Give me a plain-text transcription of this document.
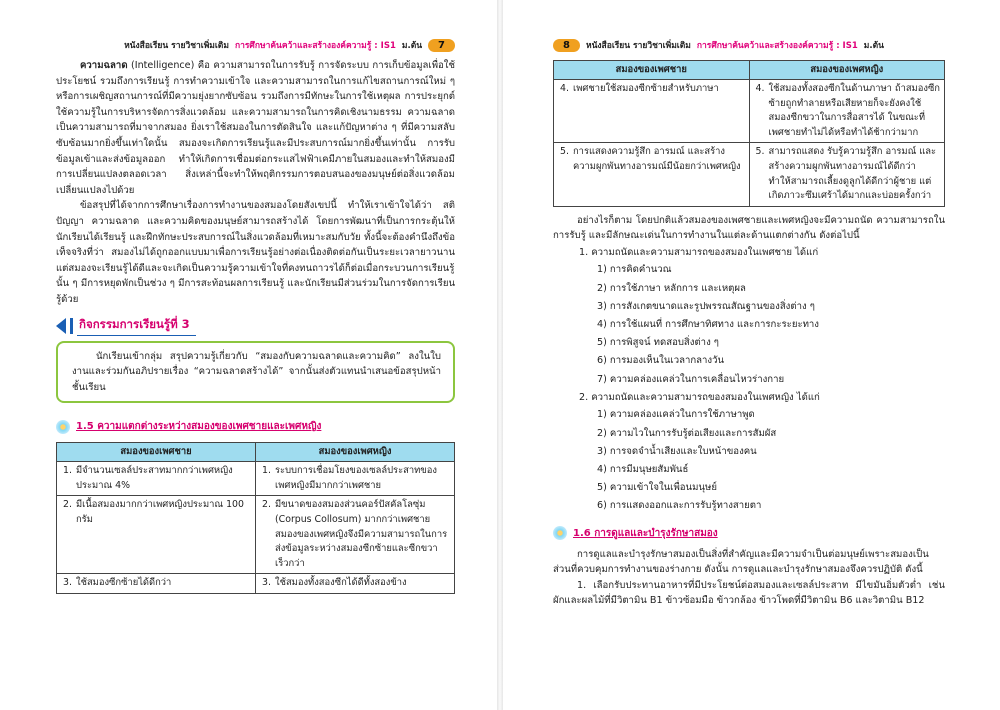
หนังสือเรียน รายวิชาเพิ่มเติม การศึกษาค้นคว้าและสร้างองค์ความรู้ : IS1 ม.ต้น	7

ความฉลาด (Intelligence) คือ ความสามารถในการรับรู้ การจัดระบบ การเก็บข้อมูลเพื่อใช้ประโยชน์ รวมถึงการเรียนรู้ การทำความเข้าใจ และความสามารถในการแก้ไขสถานการณ์ใหม่ ๆ หรือการเผชิญสถานการณ์ที่มีความยุ่งยากซับซ้อน รวมถึงการมีทักษะในการใช้เหตุผล การประยุกต์ใช้ความรู้ในการบริหารจัดการสิ่งแวดล้อม และความสามารถในการคิดเชิงนามธรรม ความฉลาดเป็นความสามารถที่มาจากสมอง ยิ่งเราใช้สมองในการตัดสินใจ และแก้ปัญหาต่าง ๆ ที่มีความสลับซับซ้อนมากยิ่งขึ้นเท่าใดนั้น สมองจะเกิดการเรียนรู้และมีประสบการณ์มากยิ่งขึ้นเท่านั้น การรับข้อมูลเข้าและส่งข้อมูลออก ทำให้เกิดการเชื่อมต่อกระแสไฟฟ้าเคมีภายในสมองและทำให้สมองมีการเปลี่ยนแปลงตลอดเวลา สิ่งเหล่านี้จะทำให้พฤติกรรมการตอบสนองของมนุษย์ต่อสิ่งแวดล้อมเปลี่ยนแปลงไปด้วย

ข้อสรุปที่ได้จากการศึกษาเรื่องการทำงานของสมองโดยสังเขปนี้ ทำให้เราเข้าใจได้ว่า สติปัญญา ความฉลาด และความคิดของมนุษย์สามารถสร้างได้ โดยการพัฒนาที่เป็นการกระตุ้นให้นักเรียนได้เรียนรู้ และฝึกทักษะประสบการณ์ในสิ่งแวดล้อมที่เหมาะสมกับวัย ทั้งนี้จะต้องคำนึงถึงข้อเท็จจริงที่ว่า สมองไม่ได้ถูกออกแบบมาเพื่อการเรียนรู้อย่างต่อเนื่องติดต่อกันเป็นระยะเวลายาวนาน แต่สมองจะเรียนรู้ได้ดีและจะเกิดเป็นความรู้ความเข้าใจที่คงทนถาวรได้ก็ต่อเมื่อกระบวนการเรียนรู้นั้น ๆ มีการหยุดพักเป็นช่วง ๆ มีการสะท้อนผลการเรียนรู้ และนักเรียนมีส่วนร่วมในการจัดการเรียนรู้ด้วย

กิจกรรมการเรียนรู้ที่ 3

นักเรียนเข้ากลุ่ม สรุปความรู้เกี่ยวกับ “สมองกับความฉลาดและความคิด” ลงในใบงานและร่วมกันอภิปรายเรื่อง “ความฉลาดสร้างได้” จากนั้นส่งตัวแทนนำเสนอข้อสรุปหน้าชั้นเรียน

1.5 ความแตกต่างระหว่างสมองของเพศชายและเพศหญิง
สมองของเพศชาย	สมองของเพศหญิง

1. มีจำนวนเซลล์ประสาทมากกว่าเพศหญิงประมาณ 4%	1. ระบบการเชื่อมโยงของเซลล์ประสาทของเพศหญิงมีมากกว่าเพศชาย

2. มีเนื้อสมองมากกว่าเพศหญิงประมาณ 100 กรัม	2. มีขนาดของสมองส่วนคอร์ปัสคัลโลซุ่ม (Corpus Collosum) มากกว่าเพศชาย สมองของเพศหญิงจึงมีความสามารถในการส่งข้อมูลระหว่างสมองซีกซ้ายและซีกขวาเร็วกว่า

3. ใช้สมองซีกซ้ายได้ดีกว่า	3. ใช้สมองทั้งสองซีกได้ดีทั้งสองข้าง
8	หนังสือเรียน รายวิชาเพิ่มเติม การศึกษาค้นคว้าและสร้างองค์ความรู้ : IS1 ม.ต้น
สมองของเพศชาย	สมองของเพศหญิง

4. เพศชายใช้สมองซีกซ้ายสำหรับภาษา	4. ใช้สมองทั้งสองซีกในด้านภาษา ถ้าสมองซีกซ้ายถูกทำลายหรือเสียหายก็จะยังคงใช้สมองซีกขวาในการสื่อสารได้ ในขณะที่เพศชายทำไม่ได้หรือทำได้ช้ากว่ามาก

5. การแสดงความรู้สึก อารมณ์ และสร้างความผูกพันทางอารมณ์มีน้อยกว่าเพศหญิง	5. สามารถแสดง รับรู้ความรู้สึก อารมณ์ และสร้างความผูกพันทางอารมณ์ได้ดีกว่า ทำให้สามารถเลี้ยงดูลูกได้ดีกว่าผู้ชาย แต่เกิดภาวะซึมเศร้าได้มากและบ่อยครั้งกว่า

อย่างไรก็ตาม โดยปกติแล้วสมองของเพศชายและเพศหญิงจะมีความถนัด ความสามารถในการรับรู้ และมีลักษณะเด่นในการทำงานในแต่ละด้านแตกต่างกัน ดังต่อไปนี้

1. ความถนัดและความสามารถของสมองในเพศชาย ได้แก่
1) การคิดคำนวณ
2) การใช้ภาษา หลักการ และเหตุผล
3) การสังเกตขนาดและรูปพรรณสัณฐานของสิ่งต่าง ๆ
4) การใช้แผนที่ การศึกษาทิศทาง และการกะระยะทาง
5) การพิสูจน์ ทดสอบสิ่งต่าง ๆ
6) การมองเห็นในเวลากลางวัน
7) ความคล่องแคล่วในการเคลื่อนไหวร่างกาย
2. ความถนัดและความสามารถของสมองในเพศหญิง ได้แก่
1) ความคล่องแคล่วในการใช้ภาษาพูด
2) ความไวในการรับรู้ต่อเสียงและการสัมผัส
3) การจดจำน้ำเสียงและใบหน้าของคน
4) การมีมนุษยสัมพันธ์
5) ความเข้าใจในเพื่อนมนุษย์
6) การแสดงออกและการรับรู้ทางสายตา
1.6 การดูแลและบำรุงรักษาสมอง

การดูแลและบำรุงรักษาสมองเป็นสิ่งที่สำคัญและมีความจำเป็นต่อมนุษย์เพราะสมองเป็นส่วนที่ควบคุมการทำงานของร่างกาย ดังนั้น การดูแลและบำรุงรักษาสมองจึงควรปฏิบัติ ดังนี้

1. เลือกรับประทานอาหารที่มีประโยชน์ต่อสมองและเซลล์ประสาท มีไขมันอิ่มตัวต่ำ เช่น ผักและผลไม้ที่มีวิตามิน B1 ข้าวซ้อมมือ ข้าวกล้อง ข้าวโพดที่มีวิตามิน B6 และวิตามิน B12
